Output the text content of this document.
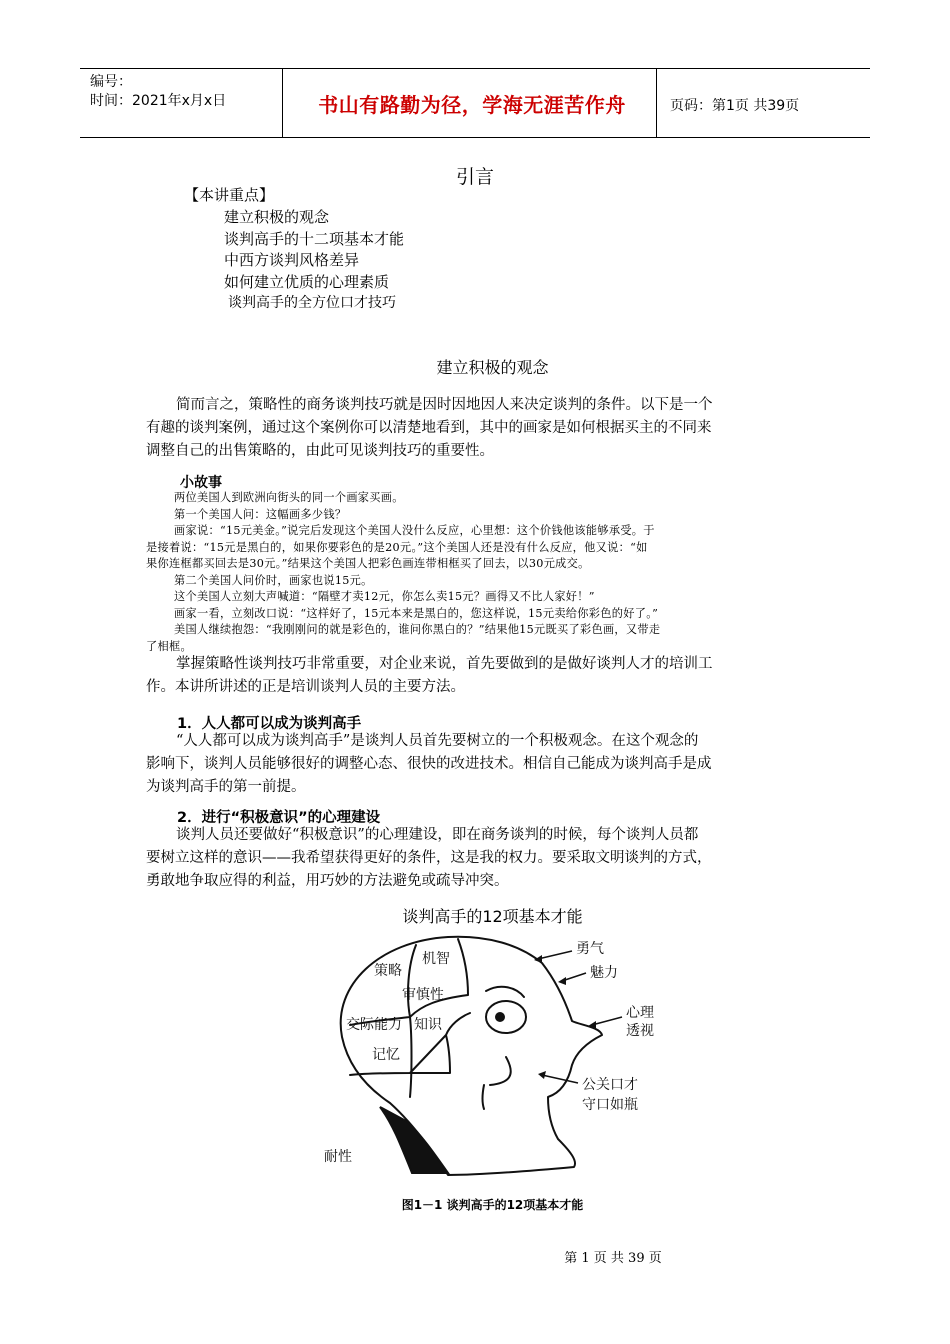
编号：
时间：2021年x月x日	书山有路勤为径，学海无涯苦作舟	页码：第1页 共39页
引言
【本讲重点】
建立积极的观念
谈判高手的十二项基本才能
中西方谈判风格差异
如何建立优质的心理素质
谈判高手的全方位口才技巧
建立积极的观念
简而言之，策略性的商务谈判技巧就是因时因地因人来决定谈判的条件。以下是一个
有趣的谈判案例，通过这个案例你可以清楚地看到，其中的画家是如何根据买主的不同来
调整自己的出售策略的，由此可见谈判技巧的重要性。
小故事
两位美国人到欧洲向街头的同一个画家买画。
第一个美国人问：这幅画多少钱？
画家说：“15元美金。”说完后发现这个美国人没什么反应，心里想：这个价钱他该能够承受。于
是接着说：“15元是黑白的，如果你要彩色的是20元。”这个美国人还是没有什么反应，他又说：“如
果你连框都买回去是30元。”结果这个美国人把彩色画连带相框买了回去，以30元成交。
第二个美国人问价时，画家也说15元。
这个美国人立刻大声喊道：“隔壁才卖12元，你怎么卖15元？画得又不比人家好！”
画家一看，立刻改口说：“这样好了，15元本来是黑白的，您这样说，15元卖给你彩色的好了。”
美国人继续抱怨：“我刚刚问的就是彩色的，谁问你黑白的？”结果他15元既买了彩色画，又带走
了相框。
掌握策略性谈判技巧非常重要，对企业来说，首先要做到的是做好谈判人才的培训工
作。本讲所讲述的正是培训谈判人员的主要方法。
1．人人都可以成为谈判高手
“人人都可以成为谈判高手”是谈判人员首先要树立的一个积极观念。在这个观念的
影响下，谈判人员能够很好的调整心态、很快的改进技术。相信自己能成为谈判高手是成
为谈判高手的第一前提。
2．进行“积极意识”的心理建设
谈判人员还要做好“积极意识”的心理建设，即在商务谈判的时候，每个谈判人员都
要树立这样的意识——我希望获得更好的条件，这是我的权力。要采取文明谈判的方式，
勇敢地争取应得的利益，用巧妙的方法避免或疏导冲突。
谈判高手的12项基本才能
机智
策略
审慎性
交际能力 知识
记忆
勇气
魅力
心理
透视
公关口才
守口如瓶
耐性
图1－1 谈判高手的12项基本才能
第 1 页 共 39 页
